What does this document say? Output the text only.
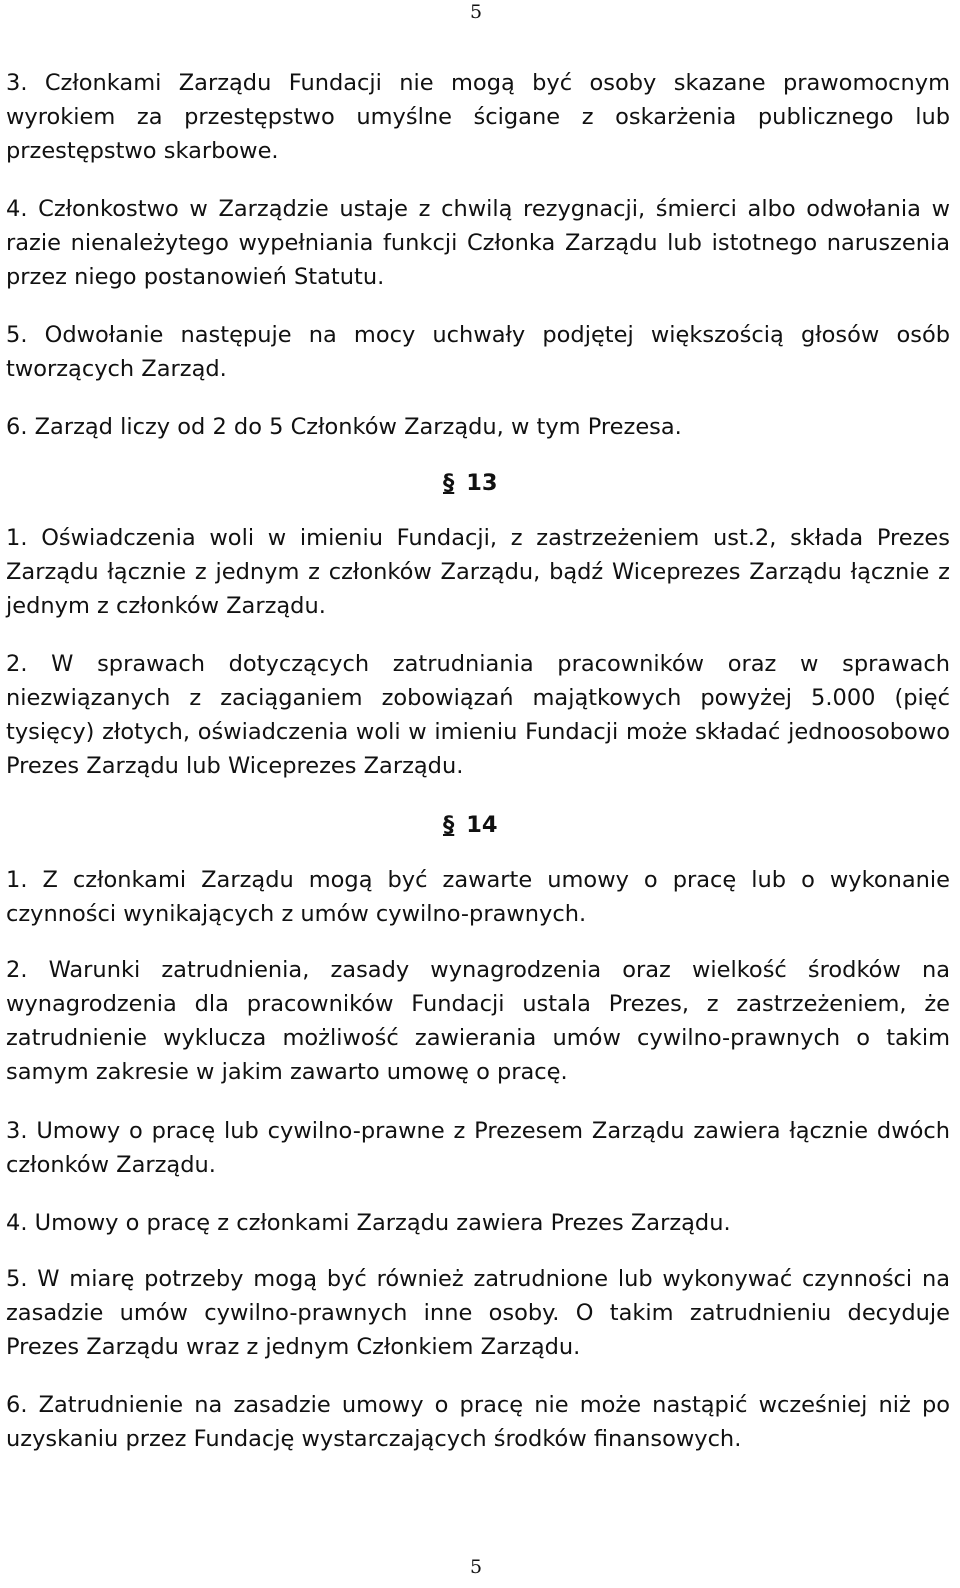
5

3. Członkami Zarządu Fundacji nie mogą być osoby skazane prawomocnym wyrokiem za przestępstwo umyślne ścigane z oskarżenia publicznego lub przestępstwo skarbowe.

4. Członkostwo w Zarządzie ustaje z chwilą rezygnacji, śmierci albo odwołania w razie nienależytego wypełniania funkcji Członka Zarządu lub istotnego naruszenia przez niego postanowień Statutu.

5. Odwołanie następuje na mocy uchwały podjętej większością głosów osób tworzących Zarząd.

6. Zarząd liczy od 2 do 5 Członków Zarządu, w tym Prezesa.

§ 13

1. Oświadczenia woli w imieniu Fundacji, z zastrzeżeniem ust.2, składa Prezes Zarządu łącznie z jednym z członków Zarządu, bądź Wiceprezes Zarządu łącznie z jednym z członków Zarządu.

2. W sprawach dotyczących zatrudniania pracowników oraz w sprawach niezwiązanych z zaciąganiem zobowiązań majątkowych powyżej 5.000 (pięć tysięcy) złotych, oświadczenia woli w imieniu Fundacji może składać jednoosobowo Prezes Zarządu lub Wiceprezes Zarządu.

§ 14

1. Z członkami Zarządu mogą być zawarte umowy o pracę lub o wykonanie czynności wynikających z umów cywilno-prawnych.

2. Warunki zatrudnienia, zasady wynagrodzenia oraz wielkość środków na wynagrodzenia dla pracowników Fundacji ustala Prezes, z zastrzeżeniem, że zatrudnienie wyklucza możliwość zawierania umów cywilno-prawnych o takim samym zakresie w jakim zawarto umowę o pracę.

3. Umowy o pracę lub cywilno-prawne z Prezesem Zarządu zawiera łącznie dwóch członków Zarządu.

4. Umowy o pracę z członkami Zarządu zawiera Prezes Zarządu.

5. W miarę potrzeby mogą być również zatrudnione lub wykonywać czynności na zasadzie umów cywilno-prawnych inne osoby. O takim zatrudnieniu decyduje Prezes Zarządu wraz z jednym Członkiem Zarządu.

6. Zatrudnienie na zasadzie umowy o pracę nie może nastąpić wcześniej niż po uzyskaniu przez Fundację wystarczających środków finansowych.

5
